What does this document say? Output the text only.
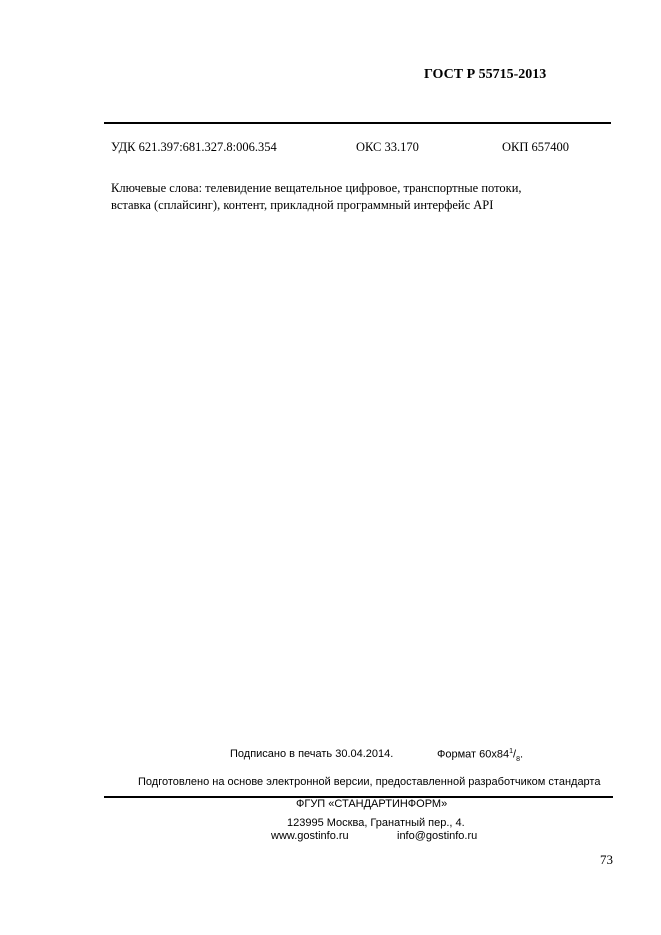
ГОСТ Р 55715-2013
УДК 621.397:681.327.8:006.354	ОКС 33.170	ОКП 657400
Ключевые слова: телевидение вещательное цифровое, транспортные потоки,
вставка (сплайсинг), контент, прикладной программный интерфейс API
Подписано в печать 30.04.2014.	Формат $60x84^1/_8$.
Подготовлено на основе электронной версии, предоставленной разработчиком стандарта
ФГУП «СТАНДАРТИНФОРМ»
123995 Москва, Гранатный пер., 4.
www.gostinfo.ru	info@gostinfo.ru
73
